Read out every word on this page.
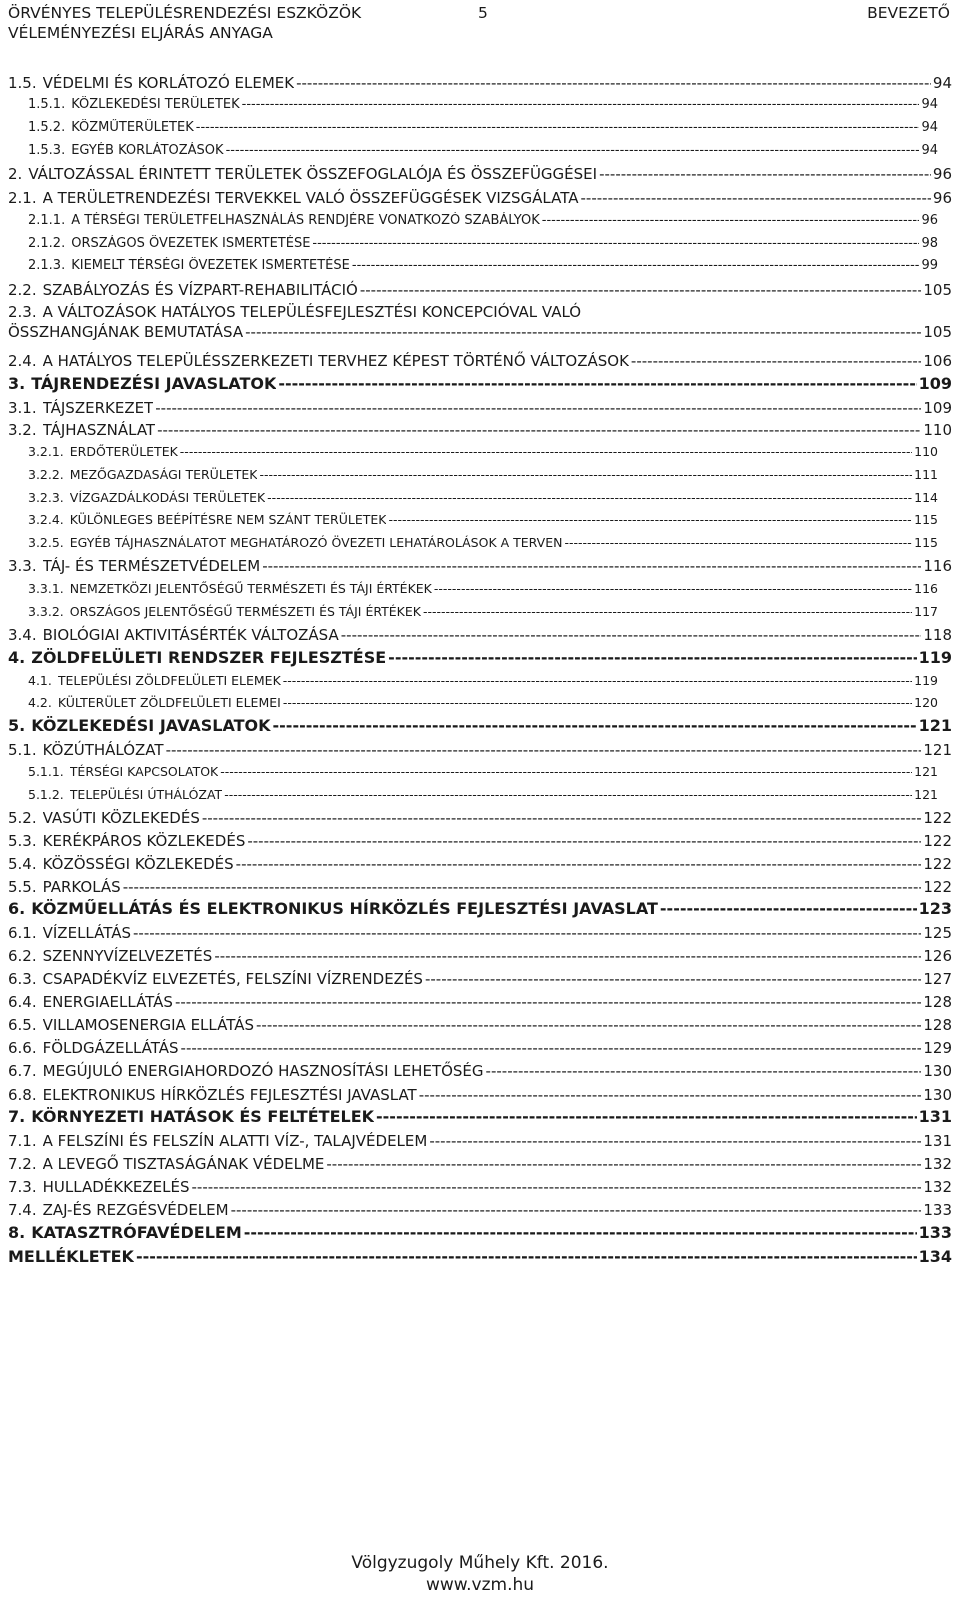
ÖRVÉNYES TELEPÜLÉSRENDEZÉSI ESZKÖZÖK	5	BEVEZETŐ
VÉLEMÉNYEZÉSI ELJÁRÁS ANYAGA
1.5. VÉDELMI ÉS KORLÁTOZÓ ELEMEK -----	94
1.5.1. KÖZLEKEDÉSI TERÜLETEK -----	94
1.5.2. KÖZMŰTERÜLETEK -----	94
1.5.3. EGYÉB KORLÁTOZÁSOK -----	94
2. VÁLTOZÁSSAL ÉRINTETT TERÜLETEK ÖSSZEFOGLALÓJA ÉS ÖSSZEFÜGGÉSEI -----	96
2.1. A TERÜLETRENDEZÉSI TERVEKKEL VALÓ ÖSSZEFÜGGÉSEK VIZSGÁLATA -----	96
2.1.1. A TÉRSÉGI TERÜLETFELHASZNÁLÁS RENDJÉRE VONATKOZÓ SZABÁLYOK -----	96
2.1.2. ORSZÁGOS ÖVEZETEK ISMERTETÉSE -----	98
2.1.3. KIEMELT TÉRSÉGI ÖVEZETEK ISMERTETÉSE -----	99
2.2. SZABÁLYOZÁS ÉS VÍZPART-REHABILITÁCIÓ -----	105
2.3. A VÁLTOZÁSOK HATÁLYOS TELEPÜLÉSFEJLESZTÉSI KONCEPCIÓVAL VALÓ
ÖSSZHANGJÁNAK BEMUTATÁSA -----	105
2.4. A HATÁLYOS TELEPÜLÉSSZERKEZETI TERVHEZ KÉPEST TÖRTÉNŐ VÁLTOZÁSOK -----	106
3. TÁJRENDEZÉSI JAVASLATOK -----	109
3.1. TÁJSZERKEZET -----	109
3.2. TÁJHASZNÁLAT -----	110
3.2.1. ERDŐTERÜLETEK -----	110
3.2.2. MEZŐGAZDASÁGI TERÜLETEK -----	111
3.2.3. VÍZGAZDÁLKODÁSI TERÜLETEK -----	114
3.2.4. KÜLÖNLEGES BEÉPÍTÉSRE NEM SZÁNT TERÜLETEK -----	115
3.2.5. EGYÉB TÁJHASZNÁLATOT MEGHATÁROZÓ ÖVEZETI LEHATÁROLÁSOK A TERVEN -----	115
3.3. TÁJ- ÉS TERMÉSZETVÉDELEM -----	116
3.3.1. NEMZETKÖZI JELENTŐSÉGŰ TERMÉSZETI ÉS TÁJI ÉRTÉKEK -----	116
3.3.2. ORSZÁGOS JELENTŐSÉGŰ TERMÉSZETI ÉS TÁJI ÉRTÉKEK -----	117
3.4. BIOLÓGIAI AKTIVITÁSÉRTÉK VÁLTOZÁSA -----	118
4. ZÖLDFELÜLETI RENDSZER FEJLESZTÉSE -----	119
4.1. TELEPÜLÉSI ZÖLDFELÜLETI ELEMEK -----	119
4.2. KÜLTERÜLET ZÖLDFELÜLETI ELEMEI -----	120
5. KÖZLEKEDÉSI JAVASLATOK -----	121
5.1. KÖZÚTHÁLÓZAT -----	121
5.1.1. TÉRSÉGI KAPCSOLATOK -----	121
5.1.2. TELEPÜLÉSI ÚTHÁLÓZAT -----	121
5.2. VASÚTI KÖZLEKEDÉS -----	122
5.3. KERÉKPÁROS KÖZLEKEDÉS -----	122
5.4. KÖZÖSSÉGI KÖZLEKEDÉS -----	122
5.5. PARKOLÁS -----	122
6. KÖZMŰELLÁTÁS ÉS ELEKTRONIKUS HÍRKÖZLÉS FEJLESZTÉSI JAVASLAT -----	123
6.1. VÍZELLÁTÁS -----	125
6.2. SZENNYVÍZELVEZETÉS -----	126
6.3. CSAPADÉKVÍZ ELVEZETÉS, FELSZÍNI VÍZRENDEZÉS -----	127
6.4. ENERGIAELLÁTÁS -----	128
6.5. VILLAMOSENERGIA ELLÁTÁS -----	128
6.6. FÖLDGÁZELLÁTÁS -----	129
6.7. MEGÚJULÓ ENERGIAHORDOZÓ HASZNOSÍTÁSI LEHETŐSÉG -----	130
6.8. ELEKTRONIKUS HÍRKÖZLÉS FEJLESZTÉSI JAVASLAT -----	130
7. KÖRNYEZETI HATÁSOK ÉS FELTÉTELEK -----	131
7.1. A FELSZÍNI ÉS FELSZÍN ALATTI VÍZ-, TALAJVÉDELEM -----	131
7.2. A LEVEGŐ TISZTASÁGÁNAK VÉDELME -----	132
7.3. HULLADÉKKEZELÉS -----	132
7.4. ZAJ-ÉS REZGÉSVÉDELEM -----	133
8. KATASZTRÓFAVÉDELEM -----	133
MELLÉKLETEK -----	134
Völgyzugoly Műhely Kft. 2016.
www.vzm.hu
